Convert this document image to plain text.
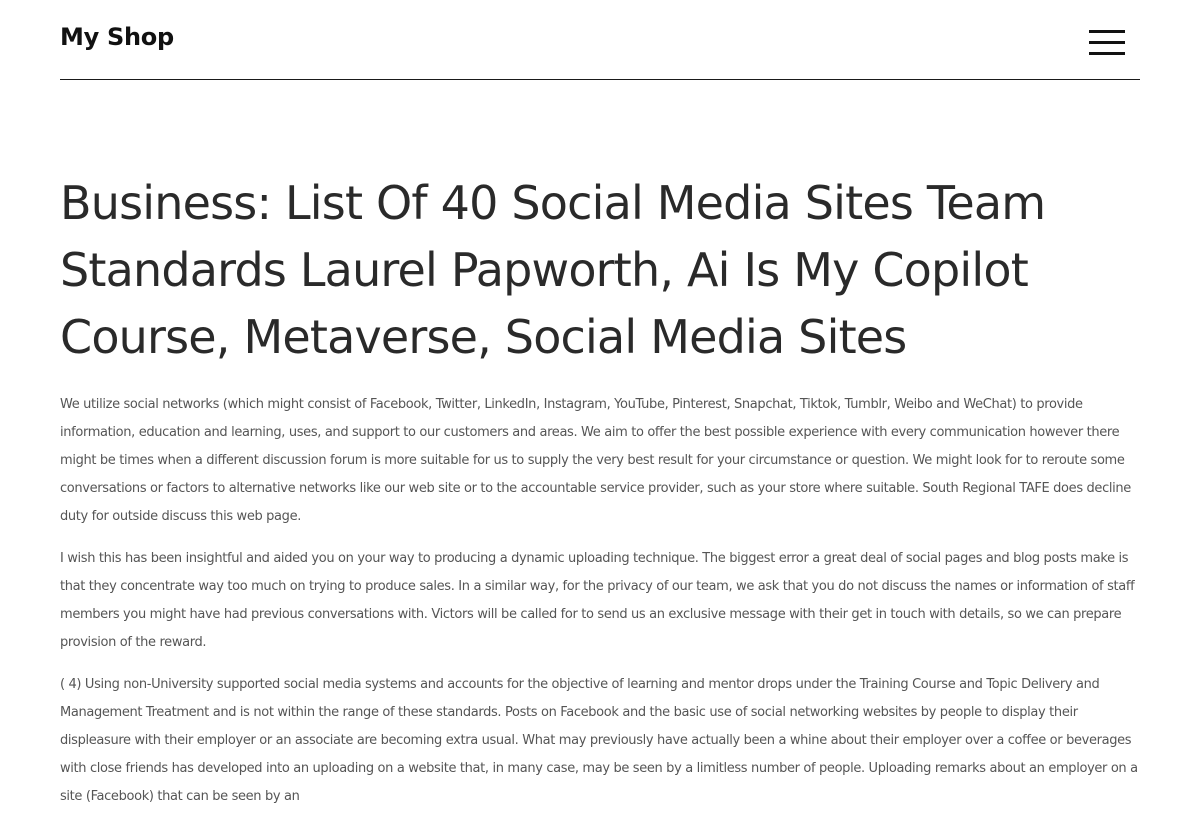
My Shop
Business: List Of 40 Social Media Sites Team Standards Laurel Papworth, Ai Is My Copilot Course, Metaverse, Social Media Sites

We utilize social networks (which might consist of Facebook, Twitter, LinkedIn, Instagram, YouTube, Pinterest, Snapchat, Tiktok, Tumblr, Weibo and WeChat) to provide information, education and learning, uses, and support to our customers and areas. We aim to offer the best possible experience with every communication however there might be times when a different discussion forum is more suitable for us to supply the very best result for your circumstance or question. We might look for to reroute some conversations or factors to alternative networks like our web site or to the accountable service provider, such as your store where suitable. South Regional TAFE does decline duty for outside discuss this web page.

I wish this has been insightful and aided you on your way to producing a dynamic uploading technique. The biggest error a great deal of social pages and blog posts make is that they concentrate way too much on trying to produce sales. In a similar way, for the privacy of our team, we ask that you do not discuss the names or information of staff members you might have had previous conversations with. Victors will be called for to send us an exclusive message with their get in touch with details, so we can prepare provision of the reward.

( 4) Using non-University supported social media systems and accounts for the objective of learning and mentor drops under the Training Course and Topic Delivery and Management Treatment and is not within the range of these standards. Posts on Facebook and the basic use of social networking websites by people to display their displeasure with their employer or an associate are becoming extra usual. What may previously have actually been a whine about their employer over a coffee or beverages with close friends has developed into an uploading on a website that, in many case, may be seen by a limitless number of people. Uploading remarks about an employer on a site (Facebook) that can be seen by an
